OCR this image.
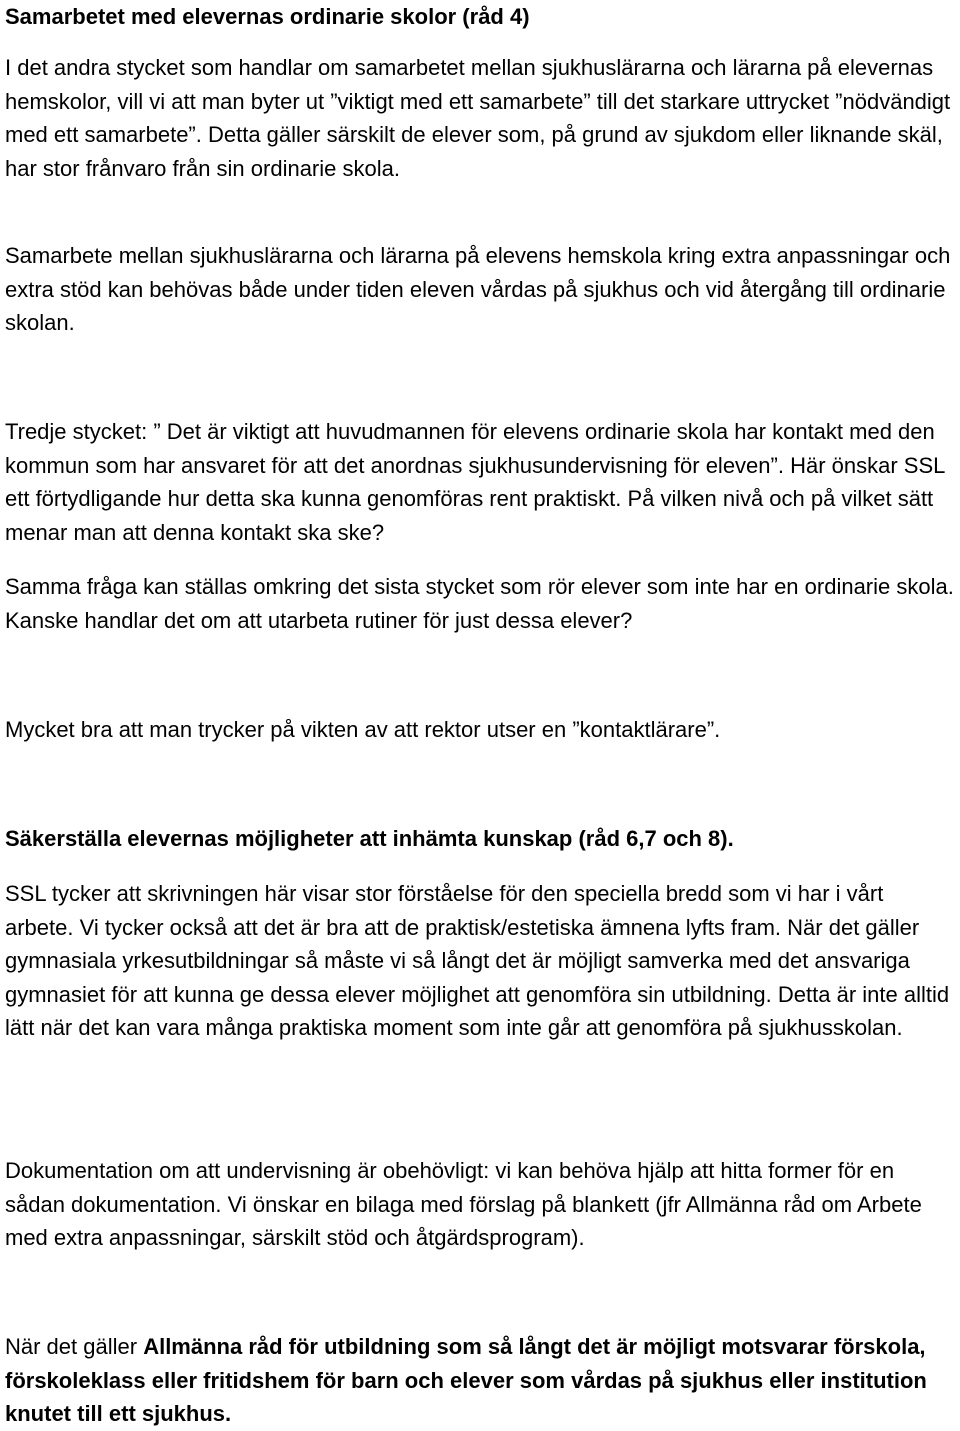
Samarbetet med elevernas ordinarie skolor (råd 4)

I det andra stycket som handlar om samarbetet mellan sjukhuslärarna och lärarna på elevernas hemskolor, vill vi att man byter ut ”viktigt med ett samarbete” till det starkare uttrycket ”nödvändigt med ett samarbete”. Detta gäller särskilt de elever som, på grund av sjukdom eller liknande skäl, har stor frånvaro från sin ordinarie skola.

Samarbete mellan sjukhuslärarna och lärarna på elevens hemskola kring extra anpassningar och extra stöd kan behövas både under tiden eleven vårdas på sjukhus och vid återgång till ordinarie skolan.

Tredje stycket: ” Det är viktigt att huvudmannen för elevens ordinarie skola har kontakt med den kommun som har ansvaret för att det anordnas sjukhusundervisning för eleven”. Här önskar SSL ett förtydligande hur detta ska kunna genomföras rent praktiskt. På vilken nivå och på vilket sätt menar man att denna kontakt ska ske?

Samma fråga kan ställas omkring det sista stycket som rör elever som inte har en ordinarie skola. Kanske handlar det om att utarbeta rutiner för just dessa elever?

Mycket bra att man trycker på vikten av att rektor utser en ”kontaktlärare”.

Säkerställa elevernas möjligheter att inhämta kunskap (råd 6,7 och 8).

SSL tycker att skrivningen här visar stor förståelse för den speciella bredd som vi har i vårt arbete. Vi tycker också att det är bra att de praktisk/estetiska ämnena lyfts fram. När det gäller gymnasiala yrkesutbildningar så måste vi så långt det är möjligt samverka med det ansvariga gymnasiet för att kunna ge dessa elever möjlighet att genomföra sin utbildning. Detta är inte alltid lätt när det kan vara många praktiska moment som inte går att genomföra på sjukhusskolan.

Dokumentation om att undervisning är obehövligt: vi kan behöva hjälp att hitta former för en sådan dokumentation. Vi önskar en bilaga med förslag på blankett (jfr Allmänna råd om Arbete med extra anpassningar, särskilt stöd och åtgärdsprogram).

När det gäller Allmänna råd för utbildning som så långt det är möjligt motsvarar förskola, förskoleklass eller fritidshem för barn och elever som vårdas på sjukhus eller institution knutet till ett sjukhus.
